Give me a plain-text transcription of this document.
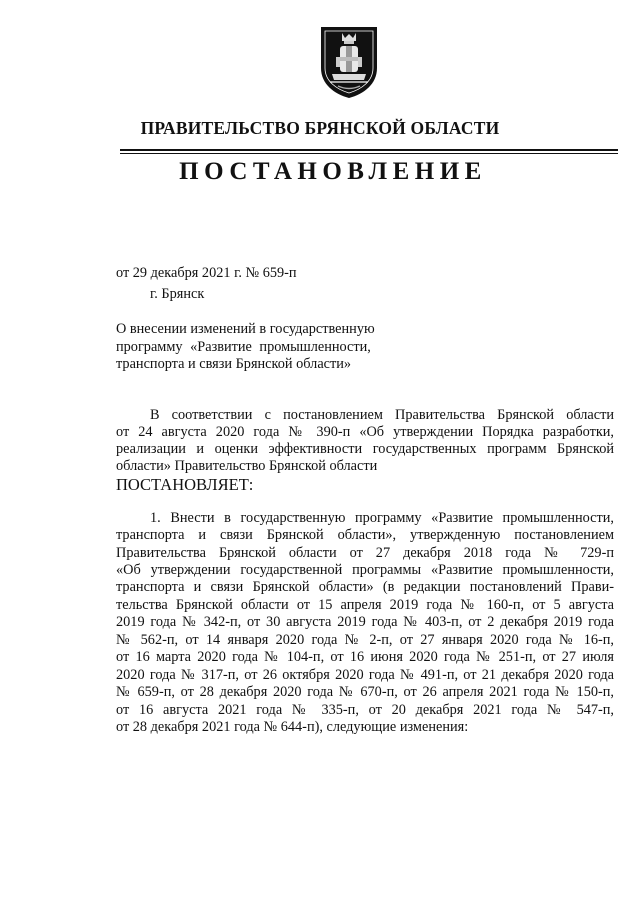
ПРАВИТЕЛЬСТВО БРЯНСКОЙ ОБЛАСТИ
ПОСТАНОВЛЕНИЕ
от 29 декабря 2021 г. № 659-п
г. Брянск
О внесении изменений в государственную
программу «Развитие промышленности,
транспорта и связи Брянской области»
В соответствии с постановлением Правительства Брянской области
от 24 августа 2020 года № 390-п «Об утверждении Порядка разработки,
реализации и оценки эффективности государственных программ Брянской
области» Правительство Брянской области
ПОСТАНОВЛЯЕТ:
1. Внести в государственную программу «Развитие промышленности,
транспорта и связи Брянской области», утвержденную постановлением
Правительства Брянской области от 27 декабря 2018 года № 729-п
«Об утверждении государственной программы «Развитие промышленности,
транспорта и связи Брянской области» (в редакции постановлений Прави-
тельства Брянской области от 15 апреля 2019 года № 160-п, от 5 августа
2019 года № 342-п, от 30 августа 2019 года № 403-п, от 2 декабря 2019 года
№ 562-п, от 14 января 2020 года № 2-п, от 27 января 2020 года № 16-п,
от 16 марта 2020 года № 104-п, от 16 июня 2020 года № 251-п, от 27 июля
2020 года № 317-п, от 26 октября 2020 года № 491-п, от 21 декабря 2020 года
№ 659-п, от 28 декабря 2020 года № 670-п, от 26 апреля 2021 года № 150-п,
от 16 августа 2021 года № 335-п, от 20 декабря 2021 года № 547-п,
от 28 декабря 2021 года № 644-п), следующие изменения:
